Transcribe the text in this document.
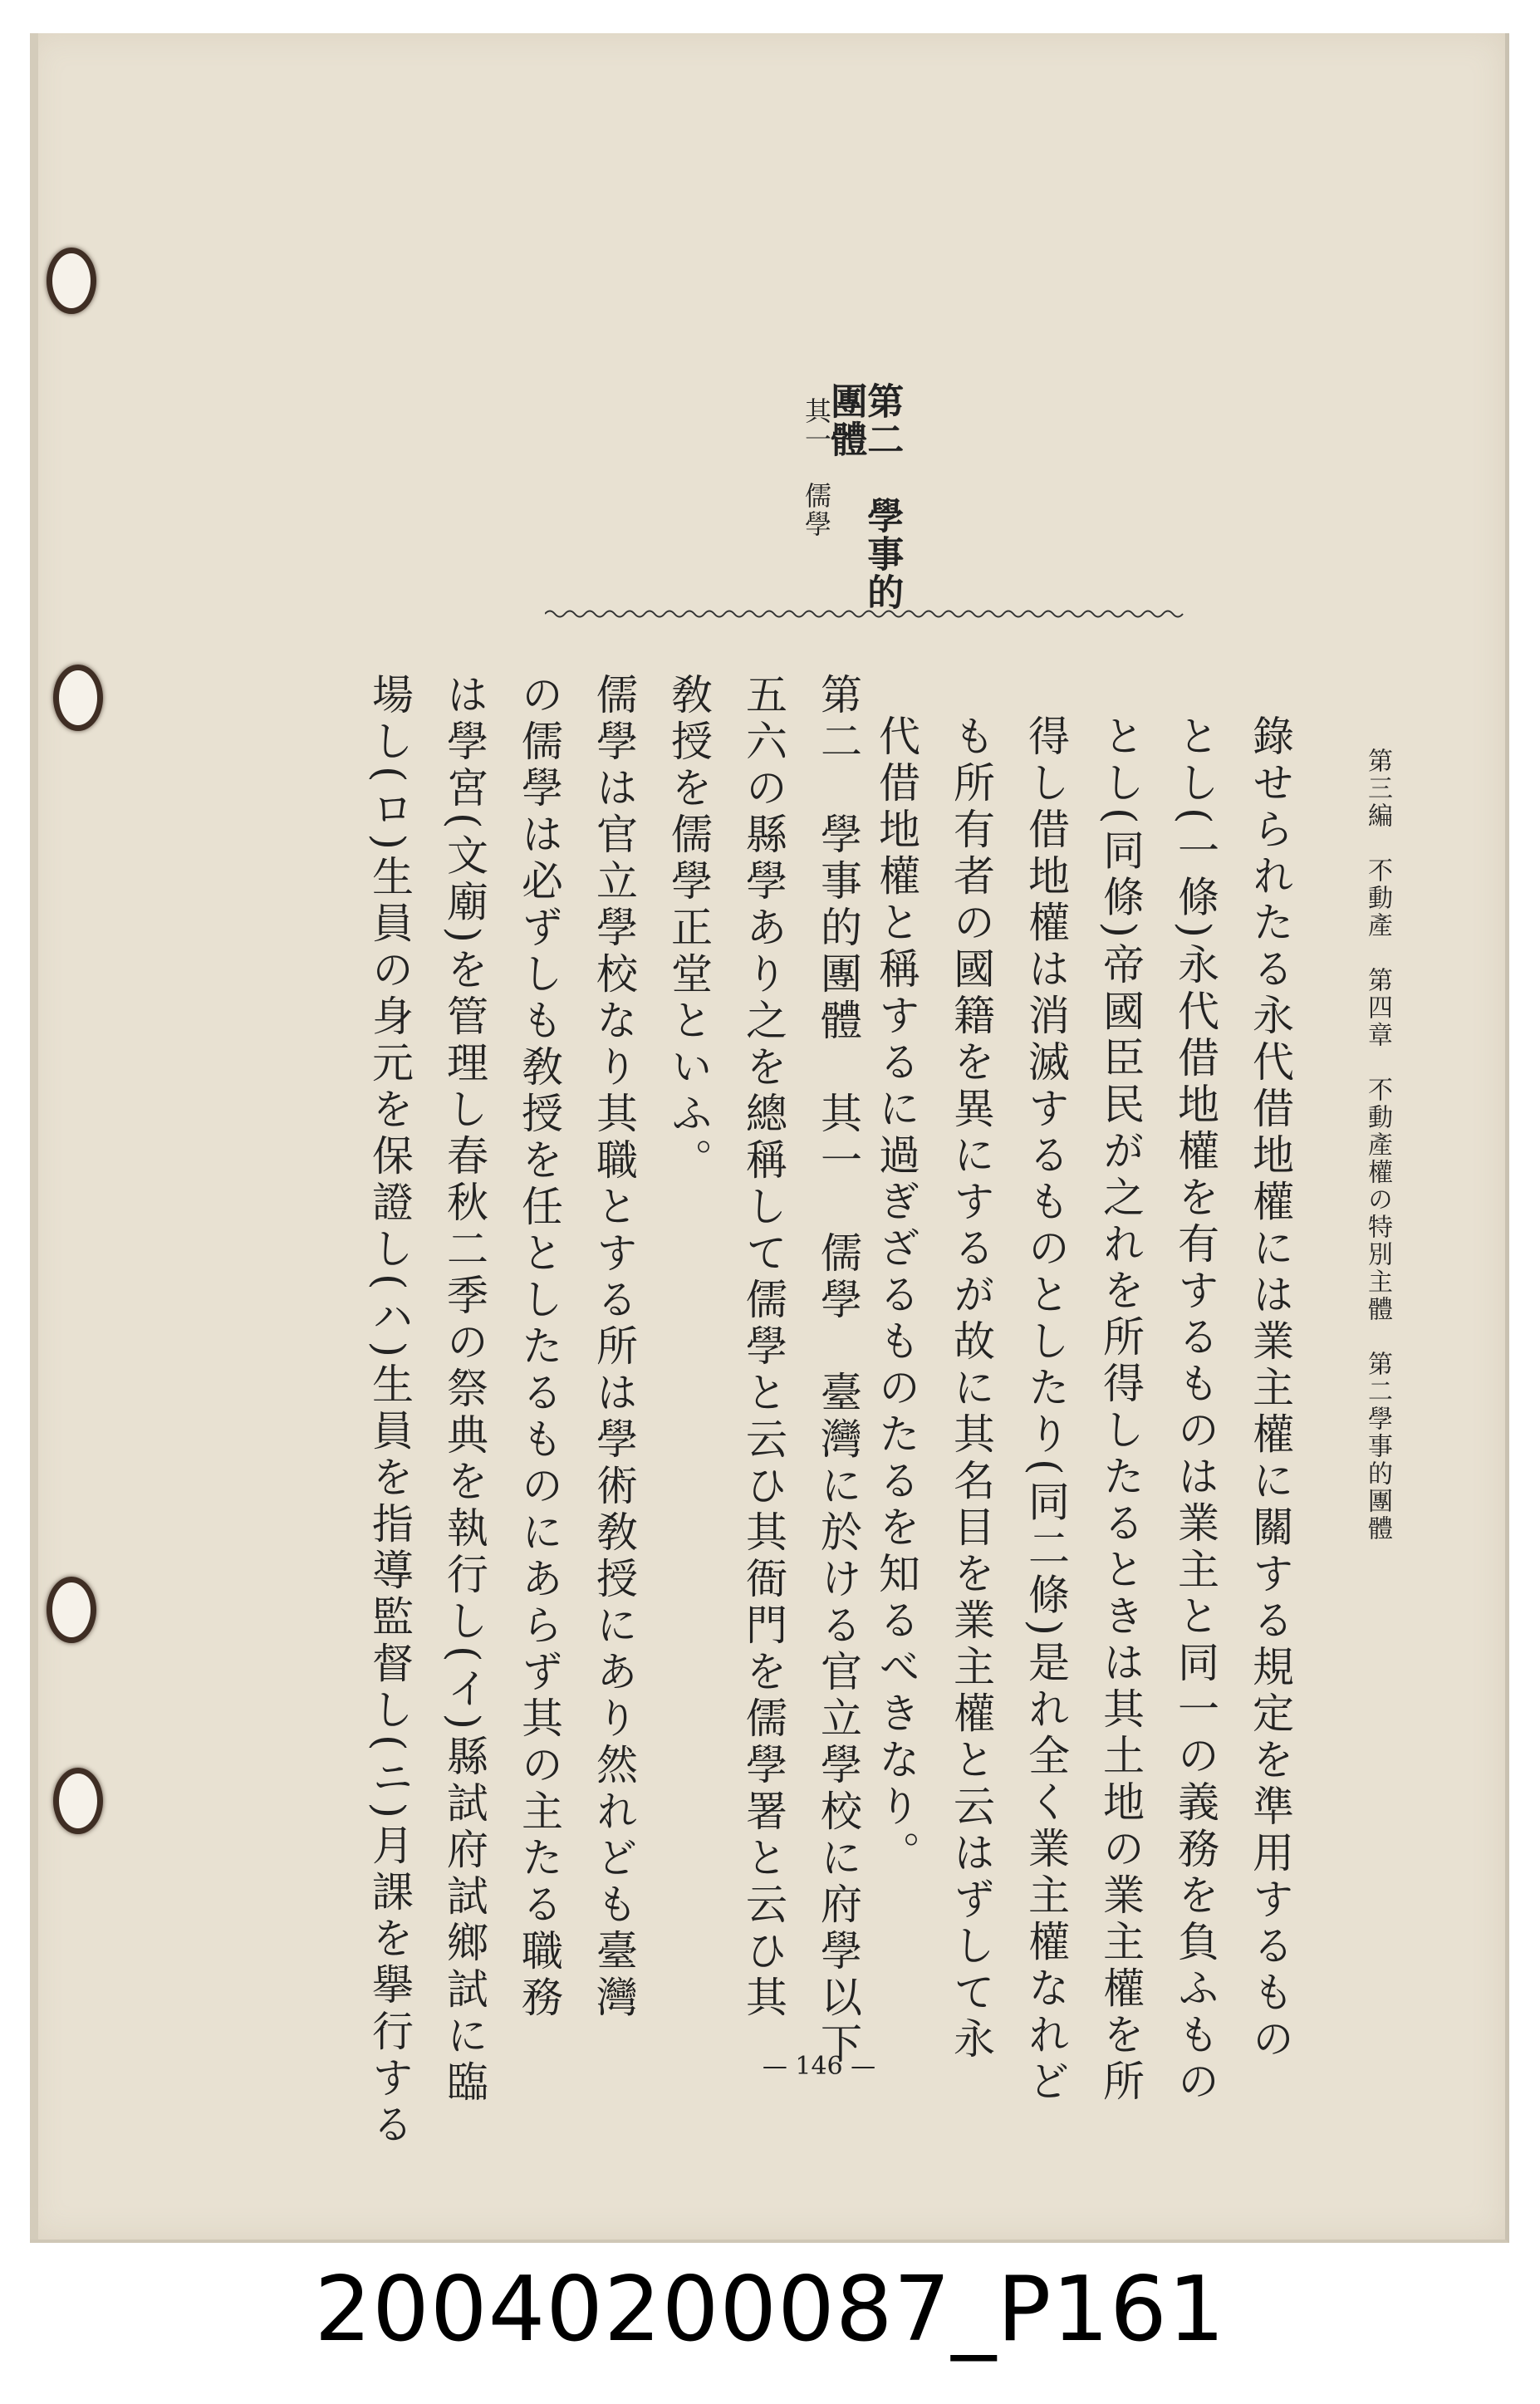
第三編　不動產　第四章　不動產權の特別主體　第二學事的團體
錄せられたる永代借地權には業主權に關する規定を準用するもの
とし(一條)永代借地權を有するものは業主と同一の義務を負ふもの
とし(同條)帝國臣民が之れを所得したるときは其土地の業主權を所
得し借地權は消滅するものとしたり(同二條)是れ全く業主權なれど
も所有者の國籍を異にするが故に其名目を業主權と云はずして永
代借地權と稱するに過ぎざるものたるを知るべきなり。
第二　學事的
團體
其一　儒學
第二　學事的團體　其一　儒學　臺灣に於ける官立學校に府學以下
五六の縣學あり之を總稱して儒學と云ひ其衙門を儒學署と云ひ其
敎授を儒學正堂といふ。
儒學は官立學校なり其職とする所は學術敎授にあり然れども臺灣
の儒學は必ずしも敎授を任としたるものにあらず其の主たる職務
は學宮(文廟)を管理し春秋二季の祭典を執行し(イ)縣試府試鄉試に臨
場し(ロ)生員の身元を保證し(ハ)生員を指導監督し(ニ)月課を擧行する	— 146 —
20040200087_P161
